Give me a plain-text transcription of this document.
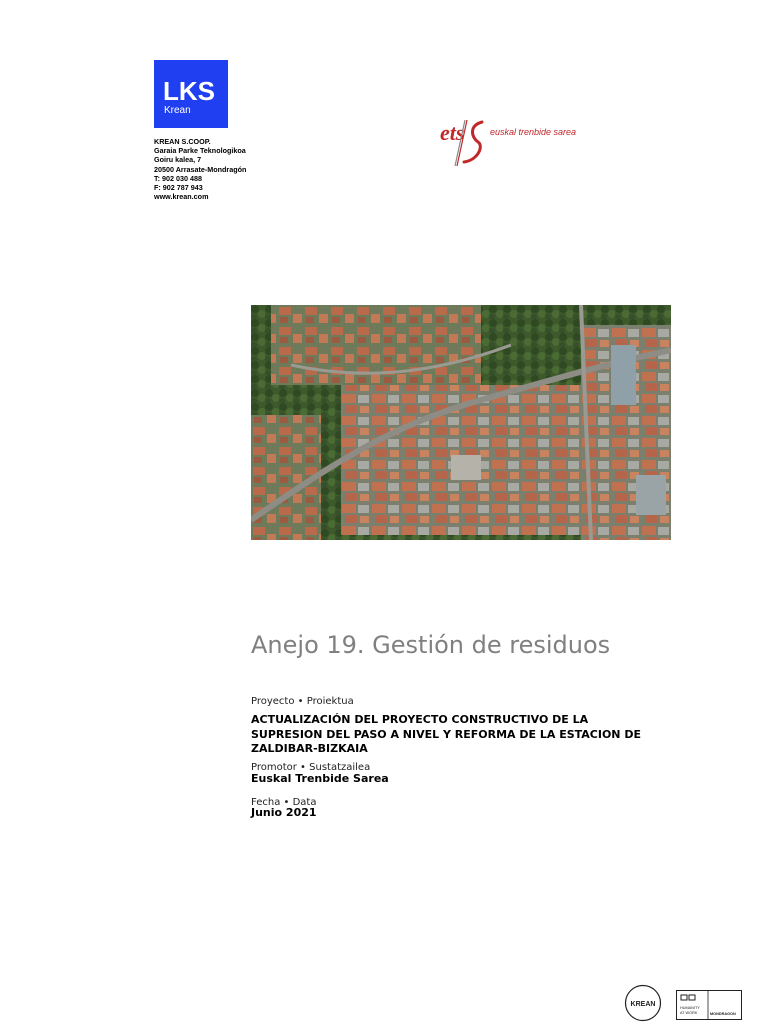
LKS
Krean
KREAN S.COOP.
Garaia Parke Teknologikoa
Goiru kalea, 7
20500 Arrasate-Mondragón
T: 902 030 488
F: 902 787 943
www.krean.com
ets	euskal trenbide sarea
Anejo 19. Gestión de residuos
Proyecto • Proiektua
ACTUALIZACIÓN DEL PROYECTO CONSTRUCTIVO DE LA
SUPRESION DEL PASO A NIVEL Y REFORMA DE LA ESTACION DE
ZALDIBAR-BIZKAIA
Promotor • Sustatzailea
Euskal Trenbide Sarea
Fecha • Data
Junio 2021
KREAN	HUMANITY
AT WORK	MONDRAGON
